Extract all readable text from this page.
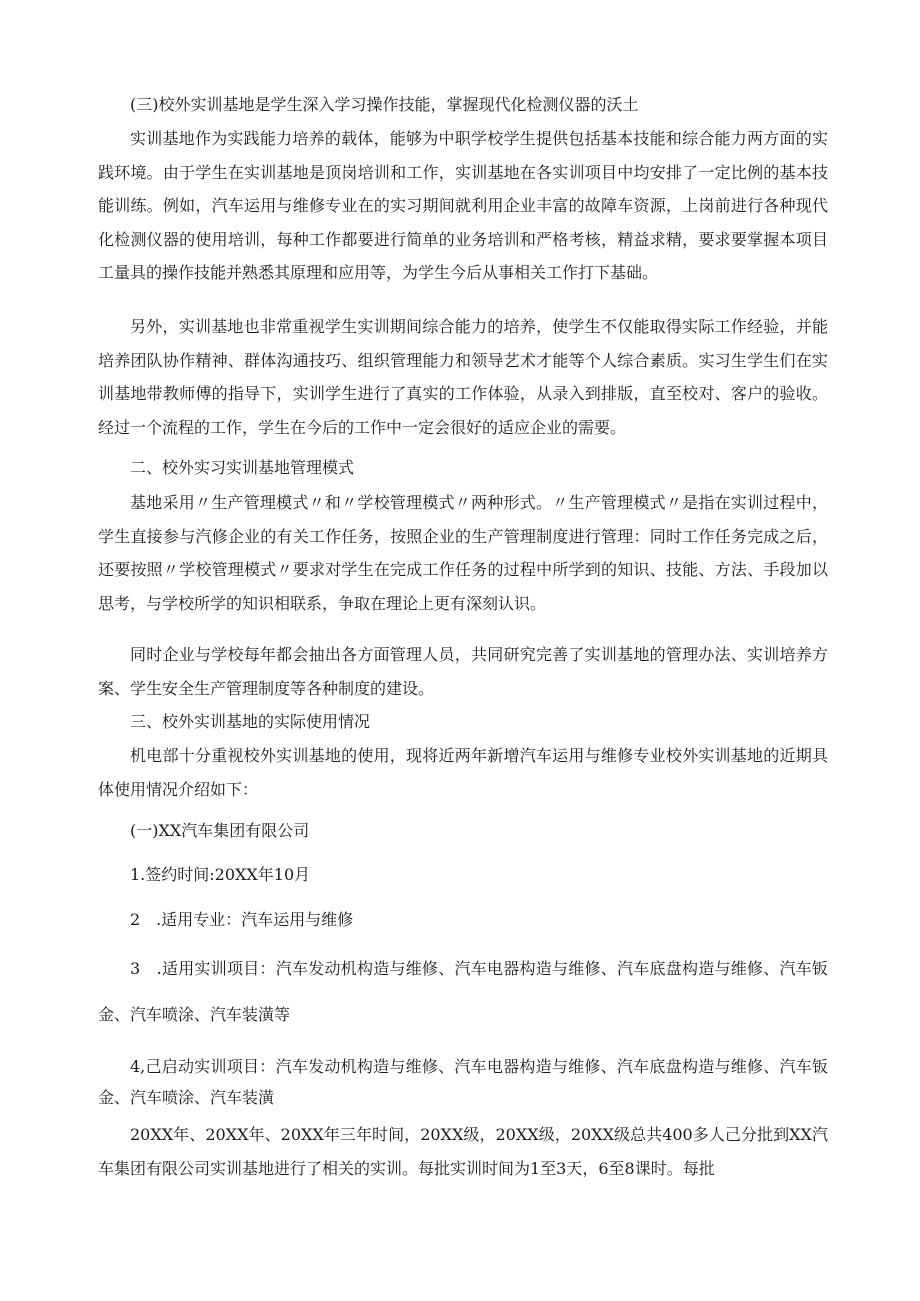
(三)校外实训基地是学生深入学习操作技能，掌握现代化检测仪器的沃土

实训基地作为实践能力培养的载体，能够为中职学校学生提供包括基本技能和综合能力两方面的实践环境。由于学生在实训基地是顶岗培训和工作，实训基地在各实训项目中均安排了一定比例的基本技能训练。例如，汽车运用与维修专业在的实习期间就利用企业丰富的故障车资源，上岗前进行各种现代化检测仪器的使用培训，每种工作都要进行简单的业务培训和严格考核，精益求精，要求要掌握本项目工量具的操作技能并熟悉其原理和应用等，为学生今后从事相关工作打下基础。

另外，实训基地也非常重视学生实训期间综合能力的培养，使学生不仅能取得实际工作经验，并能培养团队协作精神、群体沟通技巧、组织管理能力和领导艺术才能等个人综合素质。实习生学生们在实训基地带教师傅的指导下，实训学生进行了真实的工作体验，从录入到排版，直至校对、客户的验收。经过一个流程的工作，学生在今后的工作中一定会很好的适应企业的需要。

二、校外实习实训基地管理模式

基地采用〃生产管理模式〃和〃学校管理模式〃两种形式。〃生产管理模式〃是指在实训过程中，学生直接参与汽修企业的有关工作任务，按照企业的生产管理制度进行管理：同时工作任务完成之后，还要按照〃学校管理模式〃要求对学生在完成工作任务的过程中所学到的知识、技能、方法、手段加以思考，与学校所学的知识相联系，争取在理论上更有深刻认识。

同时企业与学校每年都会抽出各方面管理人员，共同研究完善了实训基地的管理办法、实训培养方案、学生安全生产管理制度等各种制度的建设。

三、校外实训基地的实际使用情况

机电部十分重视校外实训基地的使用，现将近两年新增汽车运用与维修专业校外实训基地的近期具体使用情况介绍如下：

(一)XX汽车集团有限公司

1.签约时间:20XX年10月

2　.适用专业：汽车运用与维修

3　.适用实训项目：汽车发动机构造与维修、汽车电器构造与维修、汽车底盘构造与维修、汽车钣金、汽车喷涂、汽车装潢等

4,己启动实训项目：汽车发动机构造与维修、汽车电器构造与维修、汽车底盘构造与维修、汽车钣金、汽车喷涂、汽车装潢

20XX年、20XX年、20XX年三年时间，20XX级，20XX级，20XX级总共400多人己分批到XX汽车集团有限公司实训基地进行了相关的实训。每批实训时间为1至3天，6至8课时。每批
